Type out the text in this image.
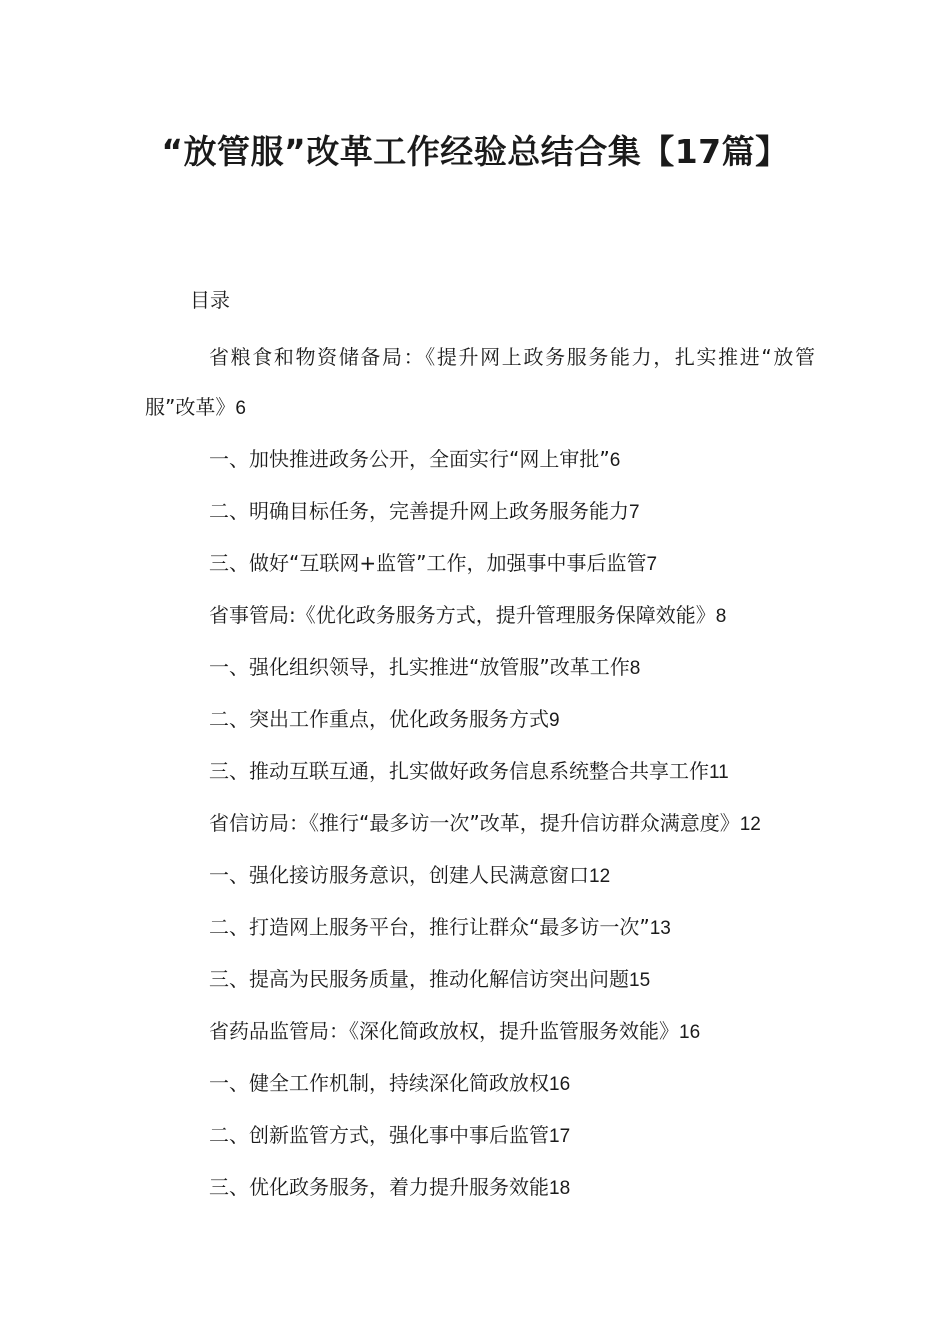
“放管服”改革工作经验总结合集【17篇】
目录

省粮食和物资储备局：《提升网上政务服务能力，扎实推进“放管服”改革》6

一、加快推进政务公开，全面实行“网上审批”6

二、明确目标任务，完善提升网上政务服务能力7

三、做好“互联网+监管”工作，加强事中事后监管7

省事管局:《优化政务服务方式，提升管理服务保障效能》8

一、强化组织领导，扎实推进“放管服”改革工作8

二、突出工作重点，优化政务服务方式9

三、推动互联互通，扎实做好政务信息系统整合共享工作11

省信访局：《推行“最多访一次”改革，提升信访群众满意度》12

一、强化接访服务意识，创建人民满意窗口12

二、打造网上服务平台，推行让群众“最多访一次”13

三、提高为民服务质量，推动化解信访突出问题15

省药品监管局：《深化简政放权，提升监管服务效能》16

一、健全工作机制，持续深化简政放权16

二、创新监管方式，强化事中事后监管17

三、优化政务服务，着力提升服务效能18
